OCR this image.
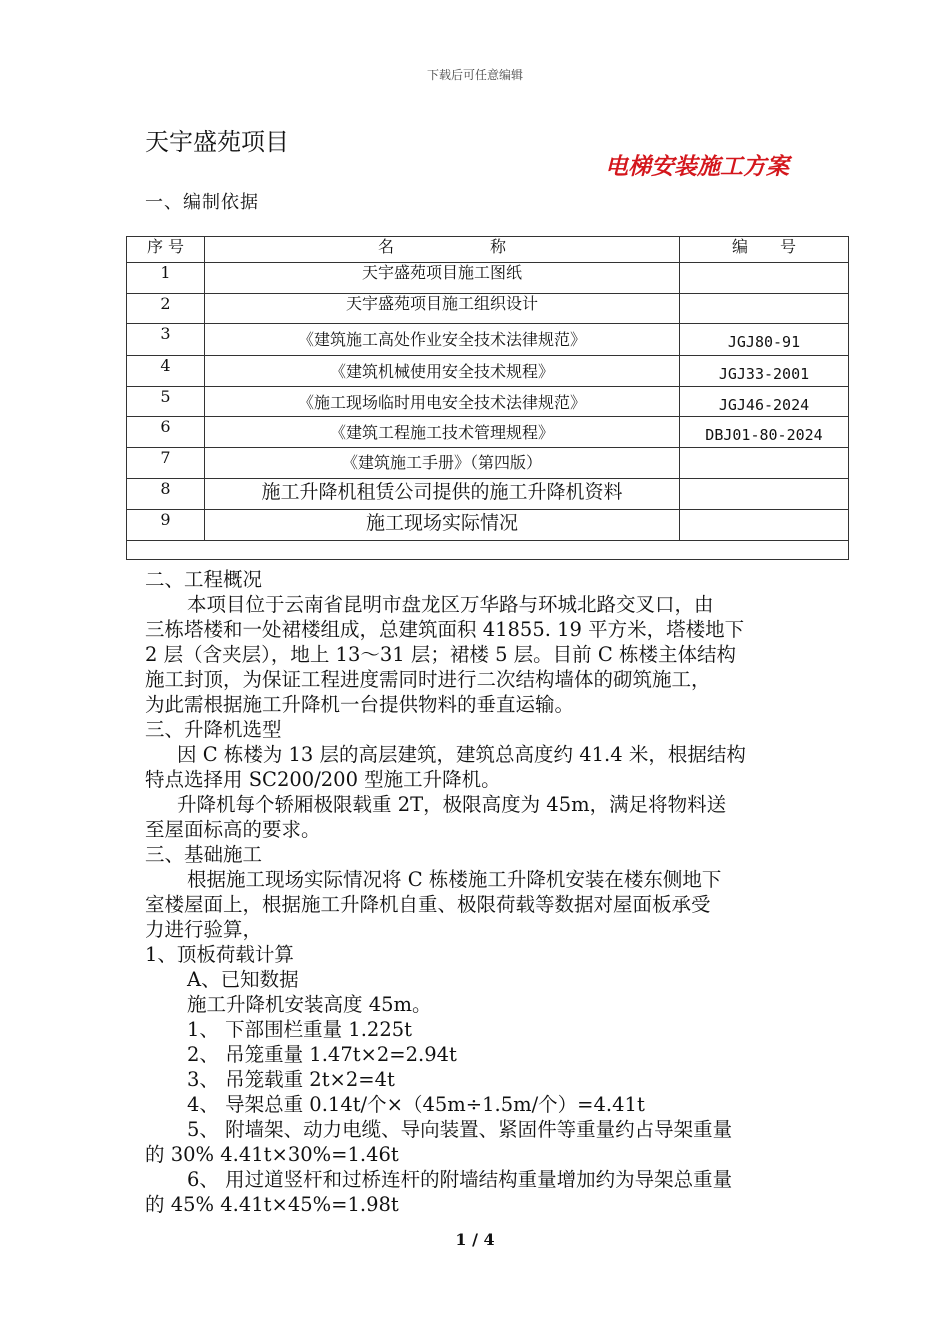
下载后可任意编辑
天宇盛苑项目
电梯安装施工方案
一、编制依据
序 号	名　　　　　　称	编　　号
1	天宇盛苑项目施工图纸	
2	天宇盛苑项目施工组织设计	
3	《建筑施工高处作业安全技术法律规范》	JGJ80-91
4	《建筑机械使用安全技术规程》	JGJ33-2001
5	《施工现场临时用电安全技术法律规范》	JGJ46-2024
6	《建筑工程施工技术管理规程》	DBJ01-80-2024
7	《建筑施工手册》（第四版）	
8	施工升降机租赁公司提供的施工升降机资料	
9	施工现场实际情况	

二、工程概况
本项目位于云南省昆明市盘龙区万华路与环城北路交叉口，由
三栋塔楼和一处裙楼组成，总建筑面积 41855. 19 平方米，塔楼地下
2 层（含夹层），地上 13～31 层；裙楼 5 层。目前 C 栋楼主体结构
施工封顶，为保证工程进度需同时进行二次结构墙体的砌筑施工，
为此需根据施工升降机一台提供物料的垂直运输。
三、升降机选型
因 C 栋楼为 13 层的高层建筑，建筑总高度约 41.4 米，根据结构
特点选择用 SC200/200 型施工升降机。
升降机每个轿厢极限载重 2T，极限高度为 45m，满足将物料送
至屋面标高的要求。
三、基础施工
根据施工现场实际情况将 C 栋楼施工升降机安装在楼东侧地下
室楼屋面上，根据施工升降机自重、极限荷载等数据对屋面板承受
力进行验算，
1、顶板荷载计算
A、已知数据
施工升降机安装高度 45m。
1、 下部围栏重量 1.225t
2、 吊笼重量 1.47t×2=2.94t
3、 吊笼载重 2t×2=4t
4、 导架总重 0.14t/个×（45m÷1.5m/个）=4.41t
5、 附墙架、动力电缆、导向装置、紧固件等重量约占导架重量
的 30% 4.41t×30%=1.46t
6、 用过道竖杆和过桥连杆的附墙结构重量增加约为导架总重量
的 45% 4.41t×45%=1.98t
1 / 4
